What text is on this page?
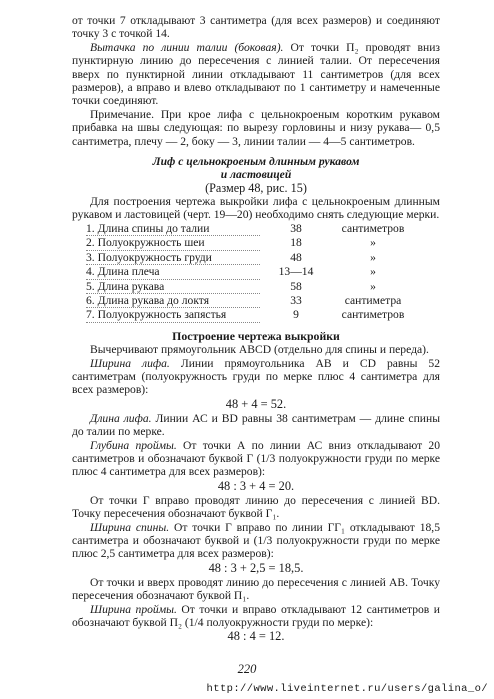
от точки 7 откладывают 3 сантиметра (для всех размеров) и соединяют точку 3 с точкой 14.

Вытачка по линии талии (боковая). От точки П₂ проводят вниз пунктирную линию до пересечения с линией талии. От пересечения вверх по пунктирной линии откладывают 11 сантиметров (для всех размеров), а вправо и влево откладывают по 1 сантиметру и намеченные точки соединяют.

Примечание. При крое лифа с цельнокроеным коротким рукавом прибавка на швы следующая: по вырезу горловины и низу рукава— 0,5 сантиметра, плечу — 2, боку — 3, линии талии — 4—5 сантиметров.

Лиф с цельнокроеным длинным рукавом
и ластовицей
(Размер 48, рис. 15)

Для построения чертежа выкройки лифа с цельнокроеным длинным рукавом и ластовицей (черт. 19—20) необходимо снять следующие мерки.

1. Длина спины до талии	38	сантиметров
2. Полуокружность шеи	18	»
3. Полуокружность груди	48	»
4. Длина плеча	13—14	»
5. Длина рукава	58	»
6. Длина рукава до локтя	33	сантиметра
7. Полуокружность запястья	9	сантиметров
Построение чертежа выкройки

Вычерчивают прямоугольник ABCD (отдельно для спины и переда).

Ширина лифа. Линии прямоугольника АВ и CD равны 52 сантиметрам (полуокружность груди по мерке плюс 4 сантиметра для всех размеров):

48 + 4 = 52.

Длина лифа. Линии АС и BD равны 38 сантиметрам — длине спины до талии по мерке.

Глубина проймы. От точки А по линии АС вниз откладывают 20 сантиметров и обозначают буквой Г (1/3 полуокружности груди по мерке плюс 4 сантиметра для всех размеров):

48 : 3 + 4 = 20.

От точки Г вправо проводят линию до пересечения с линией BD. Точку пересечения обозначают буквой Г₁.

Ширина спины. От точки Г вправо по линии ГГ₁ откладывают 18,5 сантиметра и обозначают буквой и (1/3 полуокружности груди по мерке плюс 2,5 сантиметра для всех размеров):

48 : 3 + 2,5 = 18,5.

От точки и вверх проводят линию до пересечения с линией АВ. Точку пересечения обозначают буквой П₁.

Ширина проймы. От точки и вправо откладывают 12 сантиметров и обозначают буквой П₂ (1/4 полуокружности груди по мерке):

48 : 4 = 12.
220
http://www.liveinternet.ru/users/galina_o/
